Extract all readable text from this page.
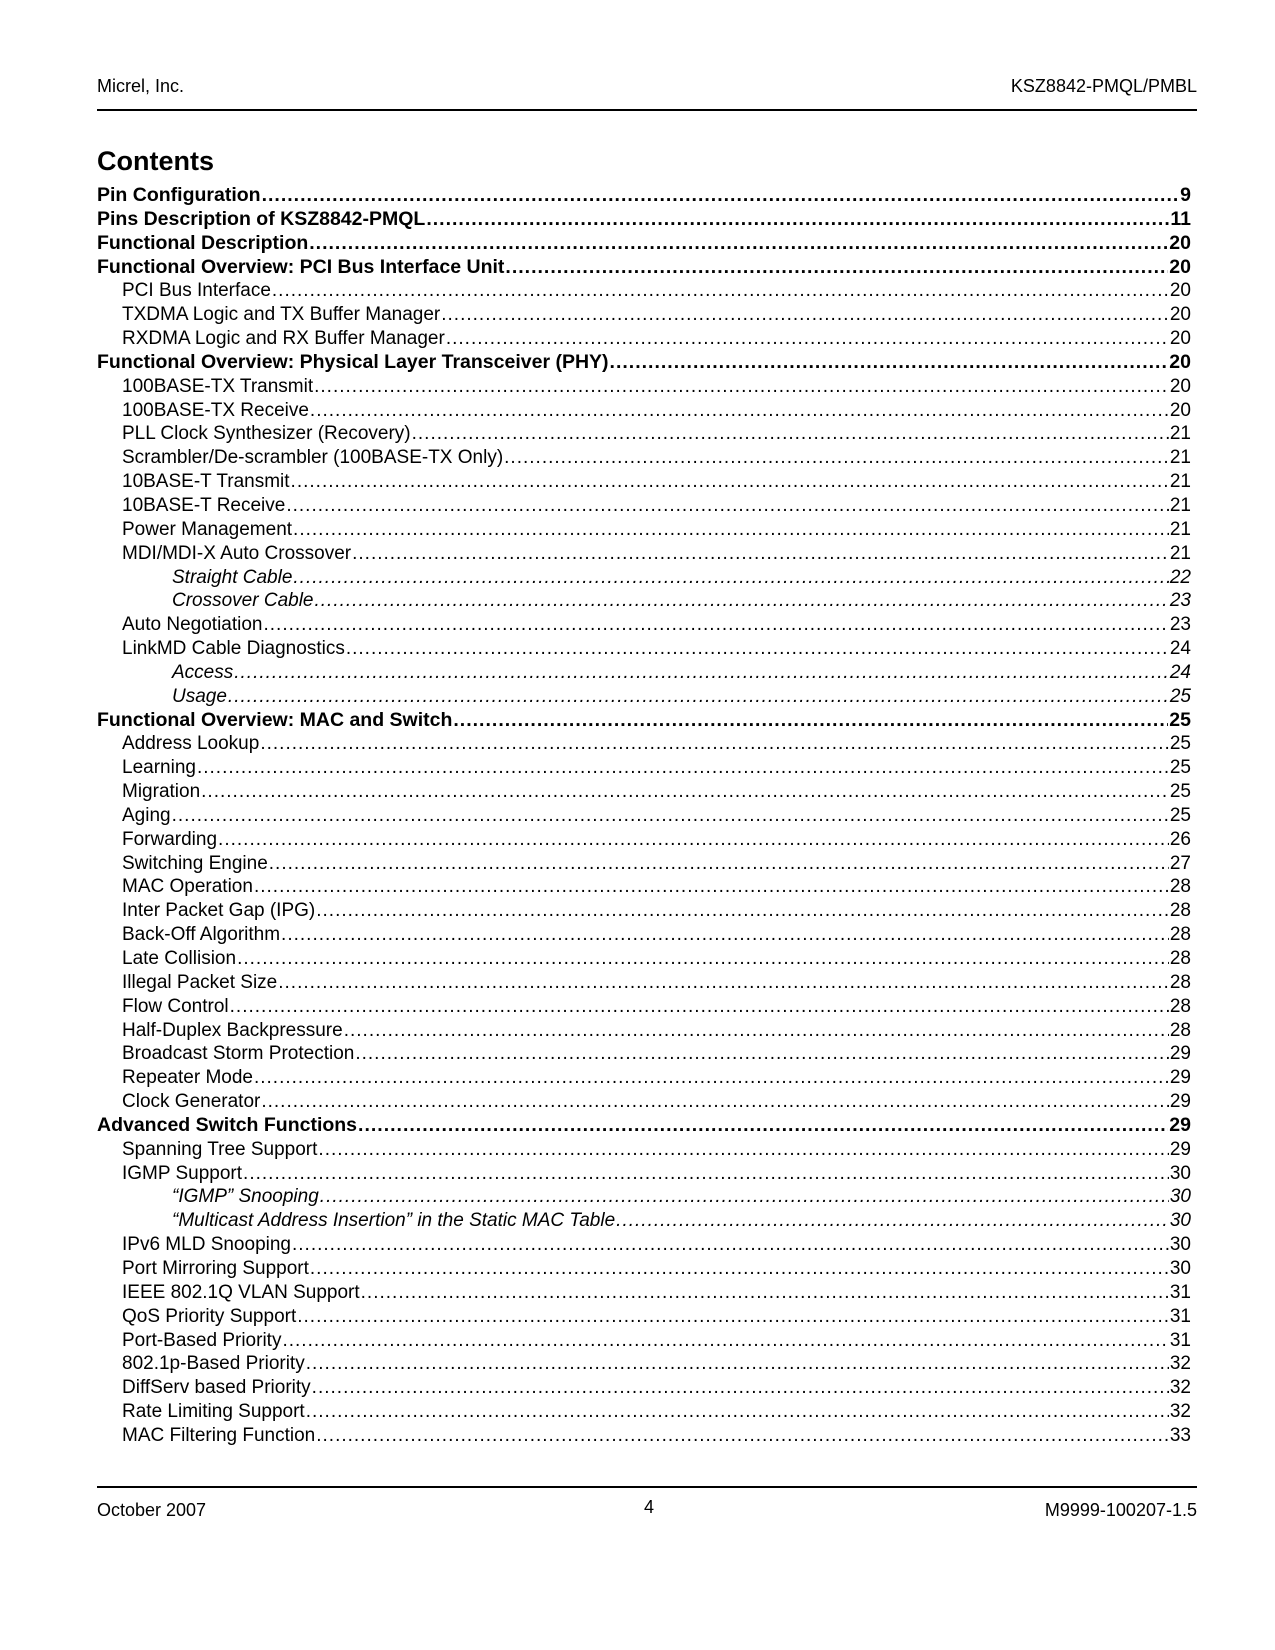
Micrel, Inc.	KSZ8842-PMQL/PMBL
Contents
Pin Configuration .....	9
Pins Description of KSZ8842-PMQL .....	11
Functional Description .....	20
Functional Overview: PCI Bus Interface Unit .....	20
PCI Bus Interface .....	20
TXDMA Logic and TX Buffer Manager .....	20
RXDMA Logic and RX Buffer Manager .....	20
Functional Overview: Physical Layer Transceiver (PHY) .....	20
100BASE-TX Transmit .....	20
100BASE-TX Receive .....	20
PLL Clock Synthesizer (Recovery) .....	21
Scrambler/De-scrambler (100BASE-TX Only) .....	21
10BASE-T Transmit .....	21
10BASE-T Receive .....	21
Power Management .....	21
MDI/MDI-X Auto Crossover .....	21
Straight Cable .....	22
Crossover Cable .....	23
Auto Negotiation .....	23
LinkMD Cable Diagnostics .....	24
Access .....	24
Usage .....	25
Functional Overview: MAC and Switch .....	25
Address Lookup .....	25
Learning .....	25
Migration .....	25
Aging .....	25
Forwarding .....	26
Switching Engine .....	27
MAC Operation .....	28
Inter Packet Gap (IPG) .....	28
Back-Off Algorithm .....	28
Late Collision .....	28
Illegal Packet Size .....	28
Flow Control .....	28
Half-Duplex Backpressure .....	28
Broadcast Storm Protection .....	29
Repeater Mode .....	29
Clock Generator .....	29
Advanced Switch Functions .....	29
Spanning Tree Support .....	29
IGMP Support .....	30
“IGMP” Snooping .....	30
“Multicast Address Insertion” in the Static MAC Table .....	30
IPv6 MLD Snooping .....	30
Port Mirroring Support .....	30
IEEE 802.1Q VLAN Support .....	31
QoS Priority Support .....	31
Port-Based Priority .....	31
802.1p-Based Priority .....	32
DiffServ based Priority .....	32
Rate Limiting Support .....	32
MAC Filtering Function .....	33
October 2007	4	M9999-100207-1.5
